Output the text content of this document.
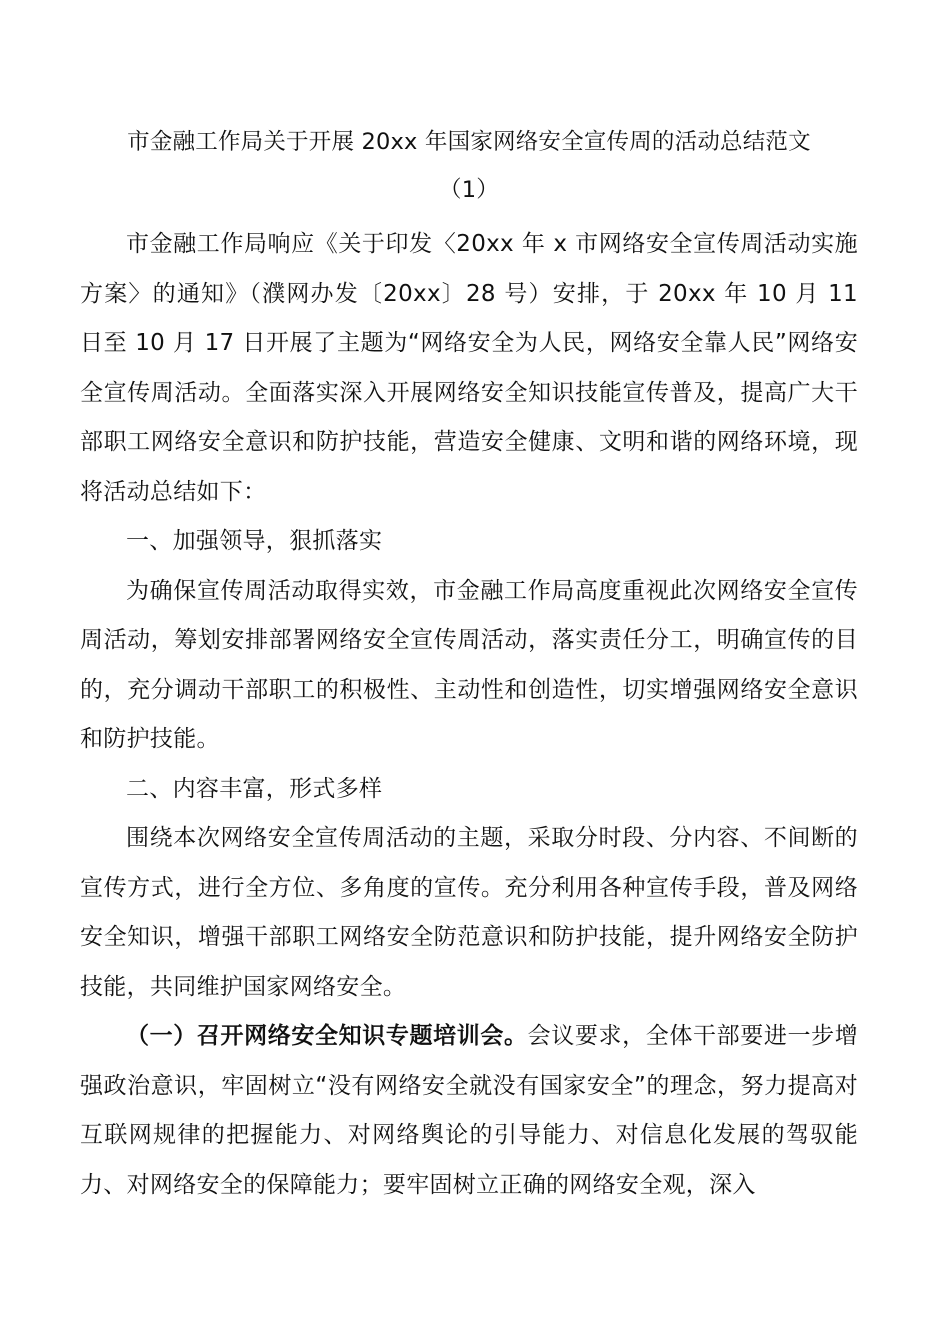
市金融工作局关于开展 20xx 年国家网络安全宣传周的活动总结范文
（1）

市金融工作局响应《关于印发〈20xx 年 x 市网络安全宣传周活动实施方案〉的通知》（濮网办发〔20xx〕28 号）安排，于 20xx 年 10 月 11 日至 10 月 17 日开展了主题为“网络安全为人民，网络安全靠人民”网络安全宣传周活动。全面落实深入开展网络安全知识技能宣传普及，提高广大干部职工网络安全意识和防护技能，营造安全健康、文明和谐的网络环境，现将活动总结如下：

一、加强领导，狠抓落实

为确保宣传周活动取得实效，市金融工作局高度重视此次网络安全宣传周活动，筹划安排部署网络安全宣传周活动，落实责任分工，明确宣传的目的，充分调动干部职工的积极性、主动性和创造性，切实增强网络安全意识和防护技能。

二、内容丰富，形式多样

围绕本次网络安全宣传周活动的主题，采取分时段、分内容、不间断的宣传方式，进行全方位、多角度的宣传。充分利用各种宣传手段，普及网络安全知识，增强干部职工网络安全防范意识和防护技能，提升网络安全防护技能，共同维护国家网络安全。

（一）召开网络安全知识专题培训会。会议要求，全体干部要进一步增强政治意识，牢固树立“没有网络安全就没有国家安全”的理念，努力提高对互联网规律的把握能力、对网络舆论的引导能力、对信息化发展的驾驭能力、对网络安全的保障能力；要牢固树立正确的网络安全观，深入
